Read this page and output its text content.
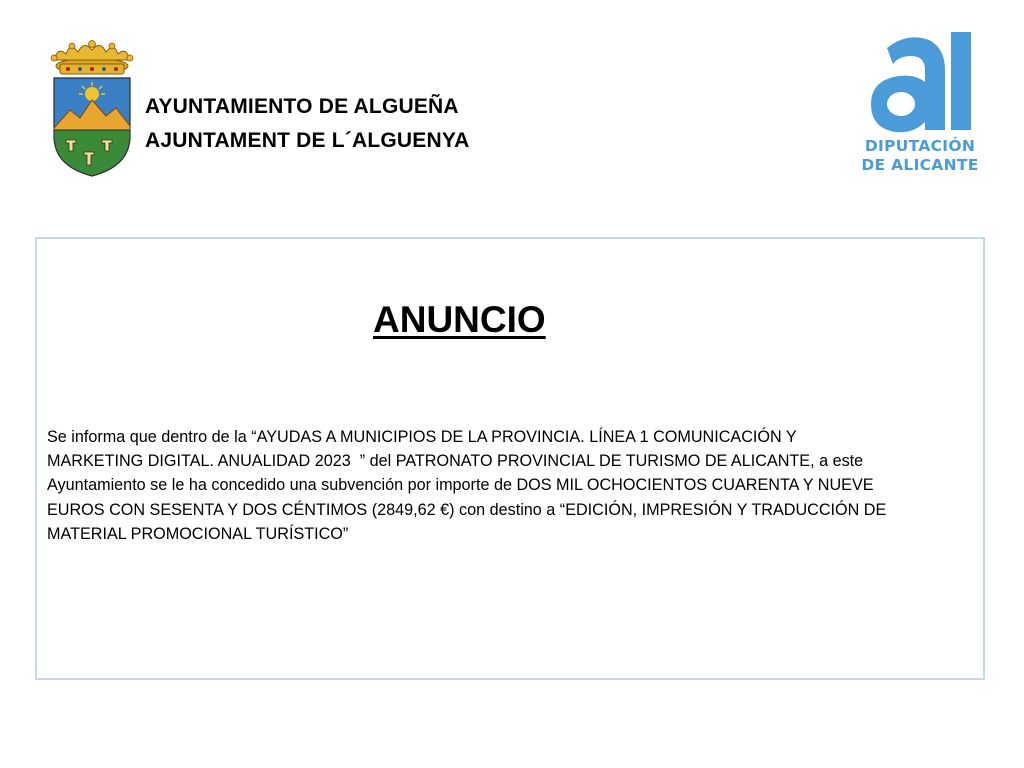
AYUNTAMIENTO DE ALGUEÑA
AJUNTAMENT DE L´ALGUENYA	DIPUTACIÓN
DE ALICANTE
ANUNCIO
Se informa que dentro de la “AYUDAS A MUNICIPIOS DE LA PROVINCIA. LÍNEA 1 COMUNICACIÓN Y
MARKETING DIGITAL. ANUALIDAD 2023  ” del PATRONATO PROVINCIAL DE TURISMO DE ALICANTE, a este
Ayuntamiento se le ha concedido una subvención por importe de DOS MIL OCHOCIENTOS CUARENTA Y NUEVE
EUROS CON SESENTA Y DOS CÉNTIMOS (2849,62 €) con destino a “EDICIÓN, IMPRESIÓN Y TRADUCCIÓN DE
MATERIAL PROMOCIONAL TURÍSTICO”
